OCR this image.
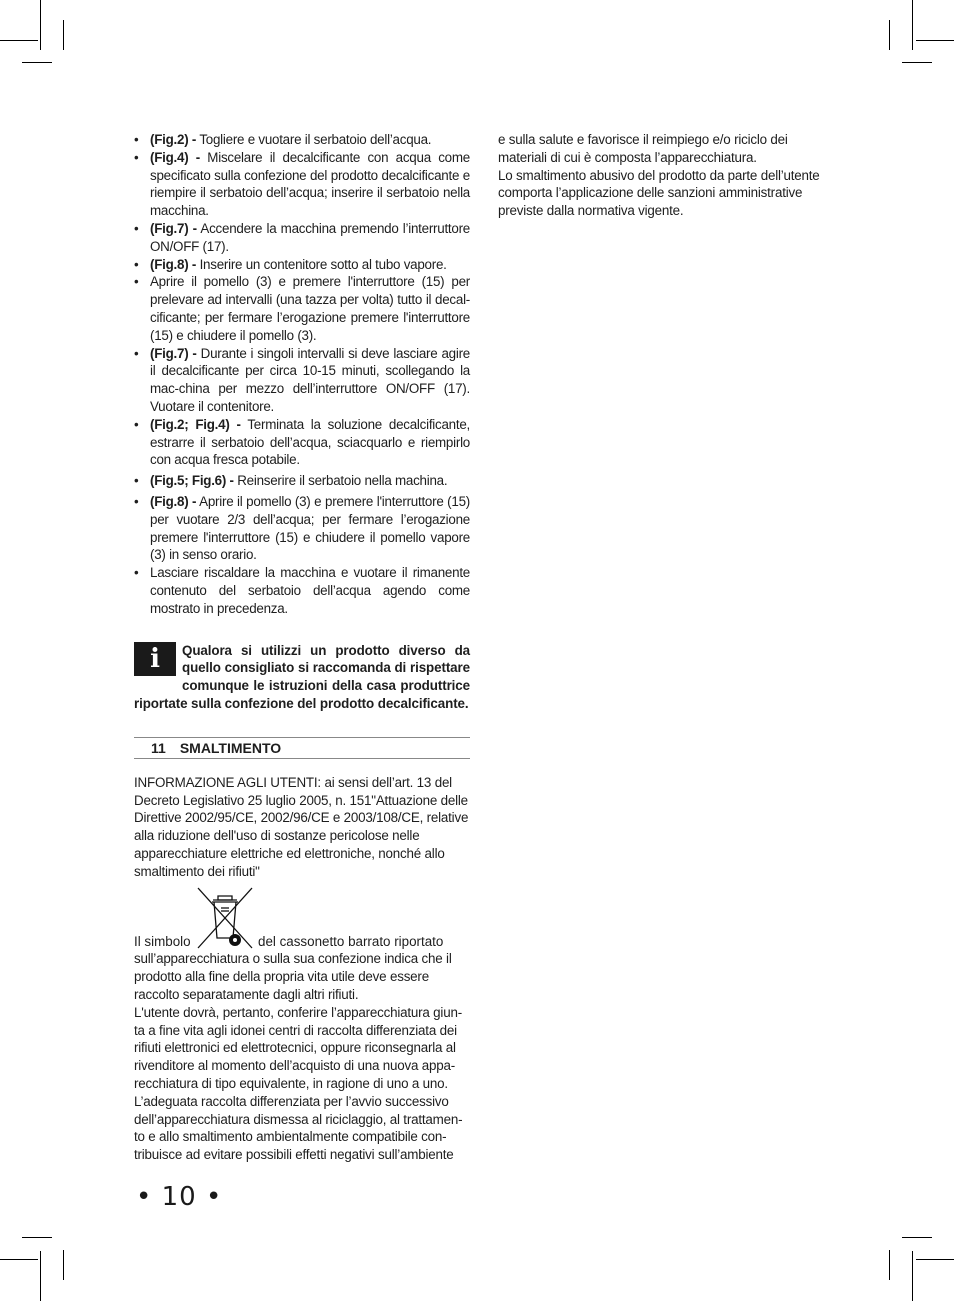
• (Fig.2) - Togliere e vuotare il serbatoio dell’acqua.
• (Fig.4) - Miscelare il decalcificante con acqua come specificato sulla confezione del prodotto decalcificante e riempire il serbatoio dell’acqua; inserire il serbatoio nella macchina.
• (Fig.7) - Accendere la macchina premendo l’interruttore ON/OFF (17).
• (Fig.8) - Inserire un contenitore sotto al tubo vapore.
• Aprire il pomello (3) e premere l'interruttore (15) per prelevare ad intervalli (una tazza per volta) tutto il decal-cificante; per fermare l’erogazione premere l'interruttore (15) e chiudere il pomello (3).
• (Fig.7) - Durante i singoli intervalli si deve lasciare agire il decalcificante per circa 10-15 minuti, scollegando la mac-china per mezzo dell’interruttore ON/OFF (17). Vuotare il contenitore.
• (Fig.2; Fig.4) - Terminata la soluzione decalcificante, estrarre il serbatoio dell’acqua, sciacquarlo e riempirlo con acqua fresca potabile.
• (Fig.5; Fig.6) - Reinserire il serbatoio nella machina.
• (Fig.8) - Aprire il pomello (3) e premere l'interruttore (15) per vuotare 2/3 dell’acqua; per fermare l’erogazione premere l'interruttore (15) e chiudere il pomello vapore (3) in senso orario.
• Lasciare riscaldare la macchina e vuotare il rimanente contenuto del serbatoio dell’acqua agendo come mostrato in precedenza.
i Qualora si utilizzi un prodotto diverso da quello consigliato si raccomanda di rispettare comunque le istruzioni della casa produttrice riportate sulla confezione del prodotto decalcificante.
11 SMALTIMENTO

INFORMAZIONE AGLI UTENTI: ai sensi dell’art. 13 del Decreto Legislativo 25 luglio 2005, n. 151"Attuazione delle Direttive 2002/95/CE, 2002/96/CE e 2003/108/CE, relative alla riduzione dell'uso di sostanze pericolose nelle apparecchiature elettriche ed elettroniche, nonché allo smaltimento dei rifiuti"

Il simbolo	del cassonetto barrato riportato

sull’apparecchiatura o sulla sua confezione indica che il prodotto alla fine della propria vita utile deve essere raccolto separatamente dagli altri rifiuti.

L'utente dovrà, pertanto, conferire l’apparecchiatura giun-ta a fine vita agli idonei centri di raccolta differenziata dei rifiuti elettronici ed elettrotecnici, oppure riconsegnarla al rivenditore al momento dell’acquisto di una nuova appa-recchiatura di tipo equivalente, in ragione di uno a uno.

L’adeguata raccolta differenziata per l’avvio successivo dell’apparecchiatura dismessa al riciclaggio, al trattamen-to e allo smaltimento ambientalmente compatibile con-tribuisce ad evitare possibili effetti negativi sull’ambiente

e sulla salute e favorisce il reimpiego e/o riciclo dei materiali di cui è composta l’apparecchiatura.

Lo smaltimento abusivo del prodotto da parte dell’utente comporta l’applicazione delle sanzioni amministrative previste dalla normativa vigente.

• 10 •
